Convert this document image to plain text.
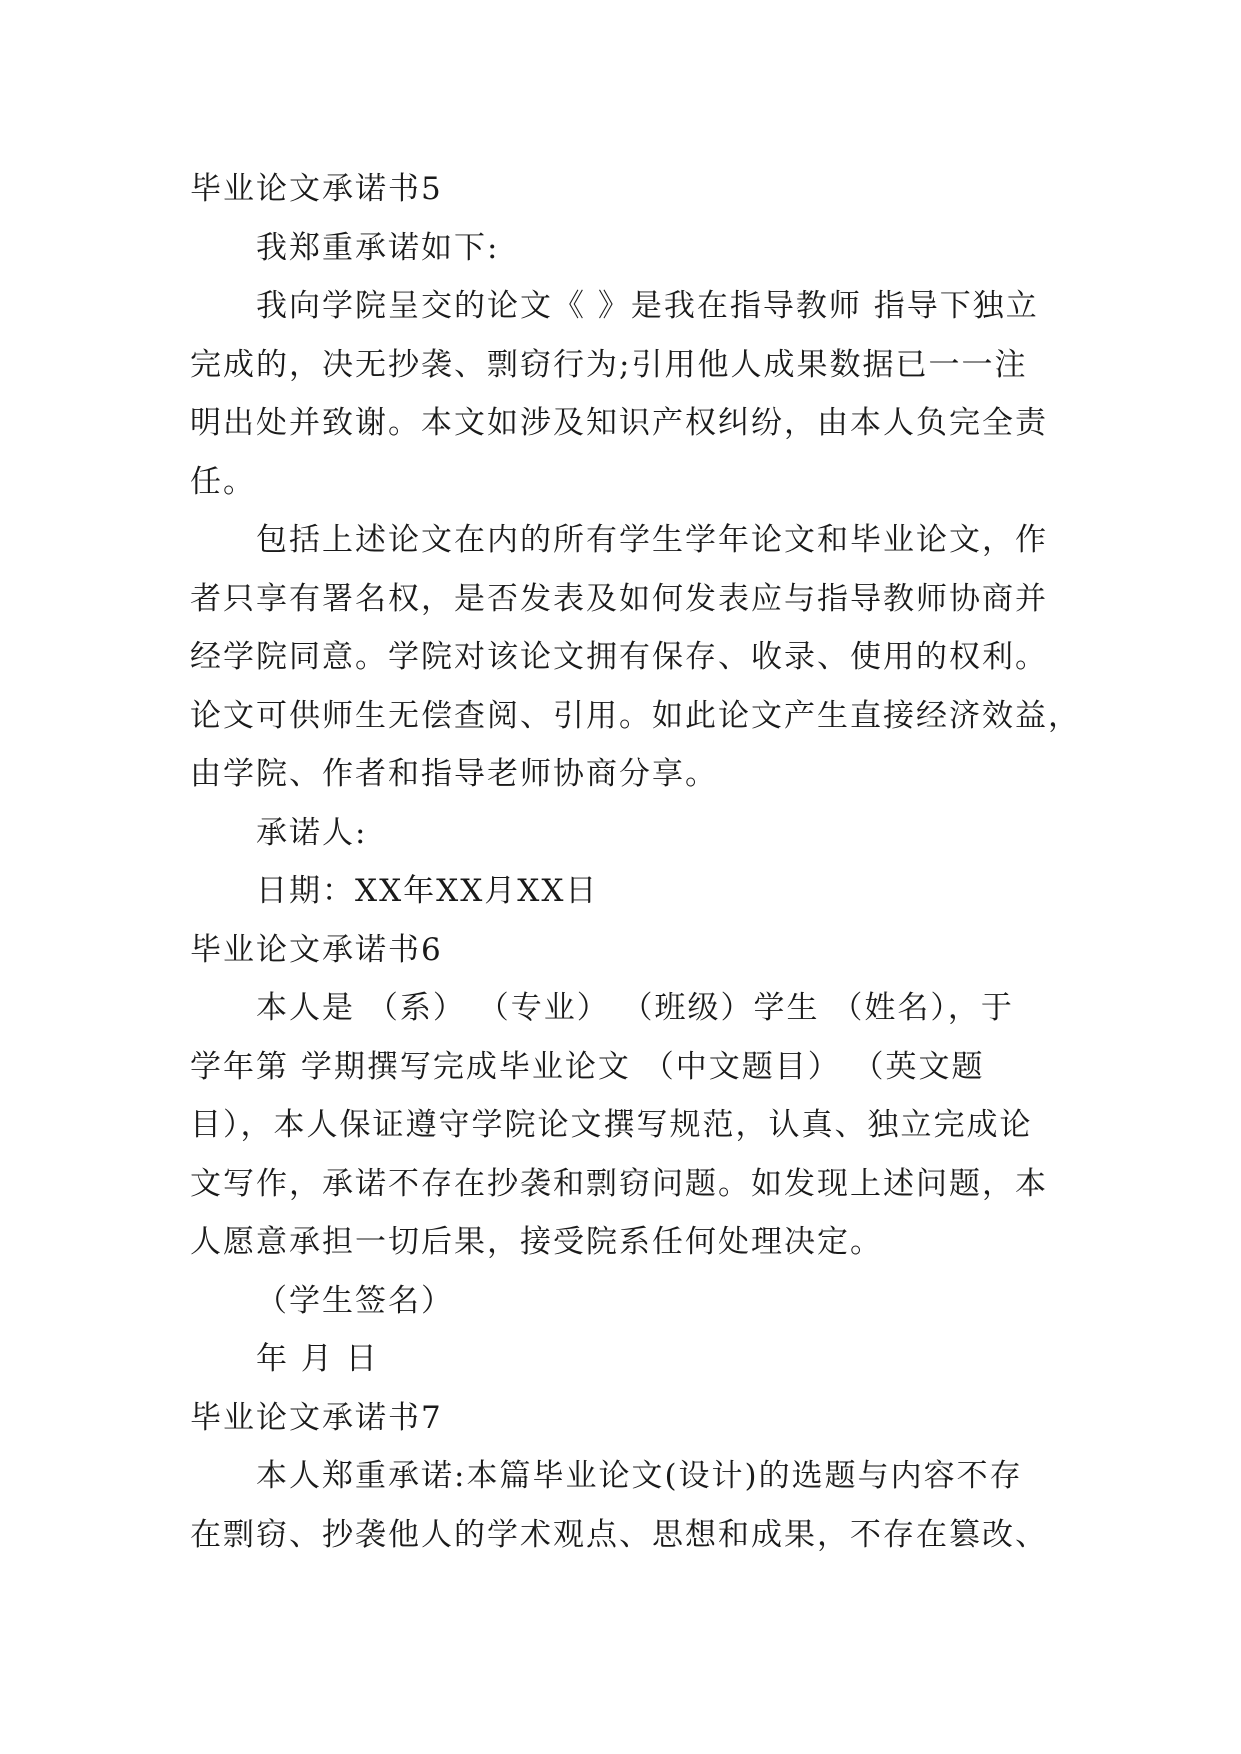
毕业论文承诺书5
我郑重承诺如下:
我向学院呈交的论文《 》是我在指导教师 指导下独立
完成的，决无抄袭、剽窃行为;引用他人成果数据已一一注
明出处并致谢。本文如涉及知识产权纠纷，由本人负完全责
任。
包括上述论文在内的所有学生学年论文和毕业论文，作
者只享有署名权，是否发表及如何发表应与指导教师协商并
经学院同意。学院对该论文拥有保存、收录、使用的权利。
论文可供师生无偿查阅、引用。如此论文产生直接经济效益，
由学院、作者和指导老师协商分享。
承诺人:
日期：XX年XX月XX日
毕业论文承诺书6
本人是 （系） （专业） （班级）学生 （姓名），于
学年第 学期撰写完成毕业论文 （中文题目） （英文题
目），本人保证遵守学院论文撰写规范，认真、独立完成论
文写作，承诺不存在抄袭和剽窃问题。如发现上述问题，本
人愿意承担一切后果，接受院系任何处理决定。
（学生签名）
年 月 日
毕业论文承诺书7
本人郑重承诺:本篇毕业论文(设计)的选题与内容不存
在剽窃、抄袭他人的学术观点、思想和成果，不存在篡改、
